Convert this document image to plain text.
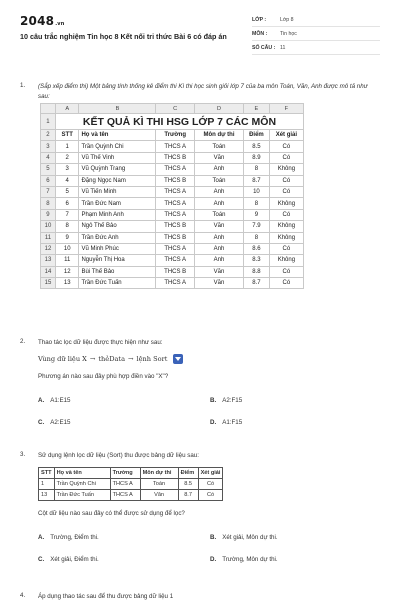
2048.vn
10 câu trắc nghiệm Tin học 8 Kết nối tri thức Bài 6 có đáp án
LỚP :	Lớp 8
MÔN :	Tin học
SỐ CÂU : 11
1. (Sắp xếp điểm thi) Một bảng tính thống kê điểm thi Kì thi học sinh giỏi lớp 7 của ba môn Toán, Văn, Anh được mô tả như sau:
	A	B	C	D	E	F
1	KẾT QUẢ KÌ THI HSG LỚP 7 CÁC MÔN					
2	STT	Họ và tên	Trường	Môn dự thi	Điểm	Xét giải
3	1	Trần Quỳnh Chi	THCS A	Toán	8.5	Có
4	2	Vũ Thế Vinh	THCS B	Văn	8.9	Có
5	3	Vũ Quỳnh Trang	THCS A	Anh	8	Không
6	4	Đặng Ngọc Nam	THCS B	Toán	8.7	Có
7	5	Vũ Tiến Minh	THCS A	Anh	10	Có
8	6	Trần Đức Nam	THCS A	Anh	8	Không
9	7	Phạm Minh Anh	THCS A	Toán	9	Có
10	8	Ngô Thế Bảo	THCS B	Văn	7.9	Không
11	9	Trần Đức Anh	THCS B	Anh	8	Không
12	10	Vũ Minh Phúc	THCS A	Anh	8.6	Có
13	11	Nguyễn Thị Hoa	THCS A	Anh	8.3	Không
14	12	Bùi Thế Bảo	THCS B	Văn	8.8	Có
15	13	Trần Đức Tuấn	THCS A	Văn	8.7	Có
2. Thao tác lọc dữ liệu được thực hiện như sau:
Vùng dữ liệu X → thẻData → lệnh Sort
Phương án nào sau đây phù hợp điền vào "X"?
A. A1:E15	B. A2:F15
C. A2:E15	D. A1:F15
3. Sử dụng lệnh lọc dữ liệu (Sort) thu được bảng dữ liệu sau:
STT	Họ và tên	Trường	Môn dự thi	Điểm	Xét giải
1	Trần Quỳnh Chi	THCS A	Toán	8.5	Có
13	Trần Đức Tuấn	THCS A	Văn	8.7	Có
Cột dữ liệu nào sau đây có thể được sử dụng để lọc?
A. Trường, Điểm thi.	B. Xét giải, Môn dự thi.
C. Xét giải, Điểm thi.	D. Trường, Môn dự thi.
4. Áp dụng thao tác sau để thu được bảng dữ liệu 1
